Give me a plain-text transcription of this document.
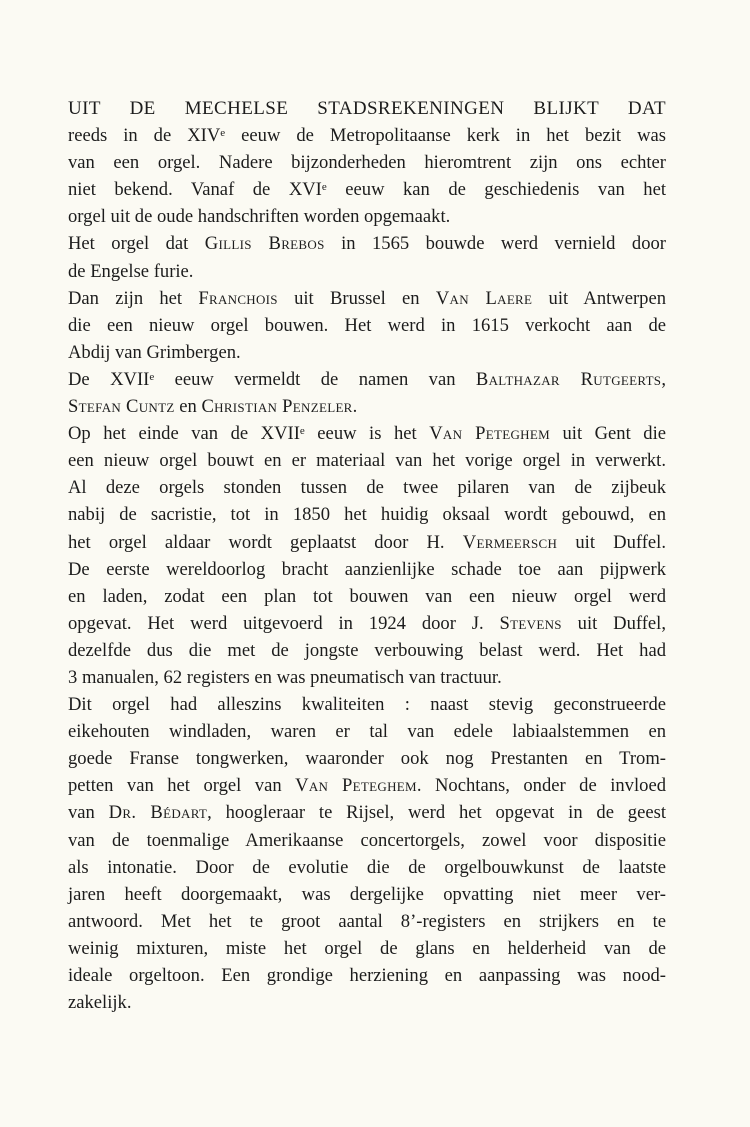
UIT DE MECHELSE STADSREKENINGEN BLIJKT DAT

reeds in de XIVe eeuw de Metropolitaanse kerk in het bezit was

van een orgel. Nadere bijzonderheden hieromtrent zijn ons echter

niet bekend. Vanaf de XVIe eeuw kan de geschiedenis van het

orgel uit de oude handschriften worden opgemaakt.

Het orgel dat Gillis Brebos in 1565 bouwde werd vernield door

de Engelse furie.

Dan zijn het Franchois uit Brussel en Van Laere uit Antwerpen

die een nieuw orgel bouwen. Het werd in 1615 verkocht aan de

Abdij van Grimbergen.

De XVIIe eeuw vermeldt de namen van Balthazar Rutgeerts,

Stefan Cuntz en Christian Penzeler.

Op het einde van de XVIIe eeuw is het Van Peteghem uit Gent die

een nieuw orgel bouwt en er materiaal van het vorige orgel in verwerkt.

Al deze orgels stonden tussen de twee pilaren van de zijbeuk

nabij de sacristie, tot in 1850 het huidig oksaal wordt gebouwd, en

het orgel aldaar wordt geplaatst door H. Vermeersch uit Duffel.

De eerste wereldoorlog bracht aanzienlijke schade toe aan pijpwerk

en laden, zodat een plan tot bouwen van een nieuw orgel werd

opgevat. Het werd uitgevoerd in 1924 door J. Stevens uit Duffel,

dezelfde dus die met de jongste verbouwing belast werd. Het had

3 manualen, 62 registers en was pneumatisch van tractuur.

Dit orgel had alleszins kwaliteiten : naast stevig geconstrueerde

eikehouten windladen, waren er tal van edele labiaalstemmen en

goede Franse tongwerken, waaronder ook nog Prestanten en Trom-

petten van het orgel van Van Peteghem. Nochtans, onder de invloed

van Dr. Bédart, hoogleraar te Rijsel, werd het opgevat in de geest

van de toenmalige Amerikaanse concertorgels, zowel voor dispositie

als intonatie. Door de evolutie die de orgelbouwkunst de laatste

jaren heeft doorgemaakt, was dergelijke opvatting niet meer ver-

antwoord. Met het te groot aantal 8’-registers en strijkers en te

weinig mixturen, miste het orgel de glans en helderheid van de

ideale orgeltoon. Een grondige herziening en aanpassing was nood-

zakelijk.
